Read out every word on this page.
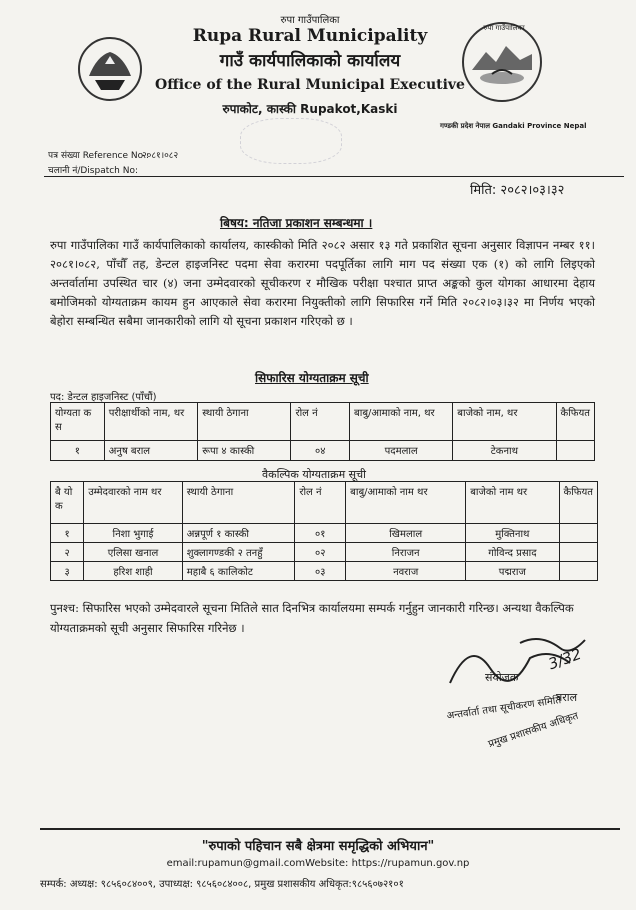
रुपा गाउँपालिका
रुपा गाउँपालिका
Rupa Rural Municipality
गाउँ कार्यपालिकाको कार्यालय
Office of the Rural Municipal Executive
रुपाकोट, कास्की Rupakot,Kaski
गण्डकी प्रदेश नेपाल Gandaki Province Nepal
पत्र संख्या Reference No :
२०८१।०८२
चलानी नं/Dispatch No:
मिति: २०८२।०३।३२
बिषय: नतिजा प्रकाशन सम्बन्धमा ।
रुपा गाउँपालिका गाउँ कार्यपालिकाको कार्यालय, कास्कीको मिति २०८२ असार १३ गते प्रकाशित सूचना अनुसार विज्ञापन नम्बर ११।२०८१।०८२, पाँचौँ तह, डेन्टल हाइजनिस्ट पदमा सेवा करारमा पदपूर्तिका लागि माग पद संख्या एक (१) को लागि लिइएको अन्तर्वार्तामा उपस्थित चार (४) जना उम्मेदवारको सूचीकरण र मौखिक परीक्षा पश्चात प्राप्त अङ्कको कुल योगका आधारमा देहाय बमोजिमको योग्यताक्रम कायम हुन आएकाले सेवा करारमा नियुक्तीको लागि सिफारिस गर्ने मिति २०८२।०३।३२ मा निर्णय भएको बेहोरा सम्बन्धित सबैमा जानकारीको लागि यो सूचना प्रकाशन गरिएको छ ।
सिफारिस योग्यताक्रम सूची
पद: डेन्टल हाइजनिस्ट (पाँचौं)
योग्यता क स	परीक्षार्थीको नाम, थर	स्थायी ठेगाना	रोल नं	बाबु/आमाको नाम, थर	बाजेको नाम, थर	कैफियत
१	अनुष बराल	रूपा ४ कास्की	०४	पदमलाल	टेकनाथ	
वैकल्पिक योग्यताक्रम सूची
बै यो क	उम्मेदवारको नाम थर	स्थायी ठेगाना	रोल नं	बाबु/आमाको नाम थर	बाजेको नाम थर	कैफियत
१	निशा भुगाई	अन्नपूर्ण १ कास्की	०१	खिमलाल	मुक्तिनाथ	
२	एलिसा खनाल	शुक्लागण्डकी २ तनहुँ	०२	निराजन	गोविन्द प्रसाद	
३	हरिश शाही	महाबै ६ कालिकोट	०३	नवराज	पद्मराज	
पुनश्च: सिफारिस भएको उम्मेदवारले सूचना मितिले सात दिनभित्र कार्यालयमा सम्पर्क गर्नुहुन जानकारी गरिन्छ। अन्यथा वैकल्पिक योग्यताक्रमको सूची अनुसार सिफारिस गरिनेछ ।
3/32
संयोजक
बराल
अन्तर्वार्ता तथा सूचीकरण समिति
प्रमुख प्रशासकीय अधिकृत
"रुपाको पहिचान सबै क्षेत्रमा समृद्धिको अभियान"
email:rupamun@gmail.comWebsite: https://rupamun.gov.np
सम्पर्क: अध्यक्ष: ९८५६०८४००९, उपाध्यक्ष: ९८५६०८४००८, प्रमुख प्रशासकीय अधिकृत:९८५६०७२१०१
